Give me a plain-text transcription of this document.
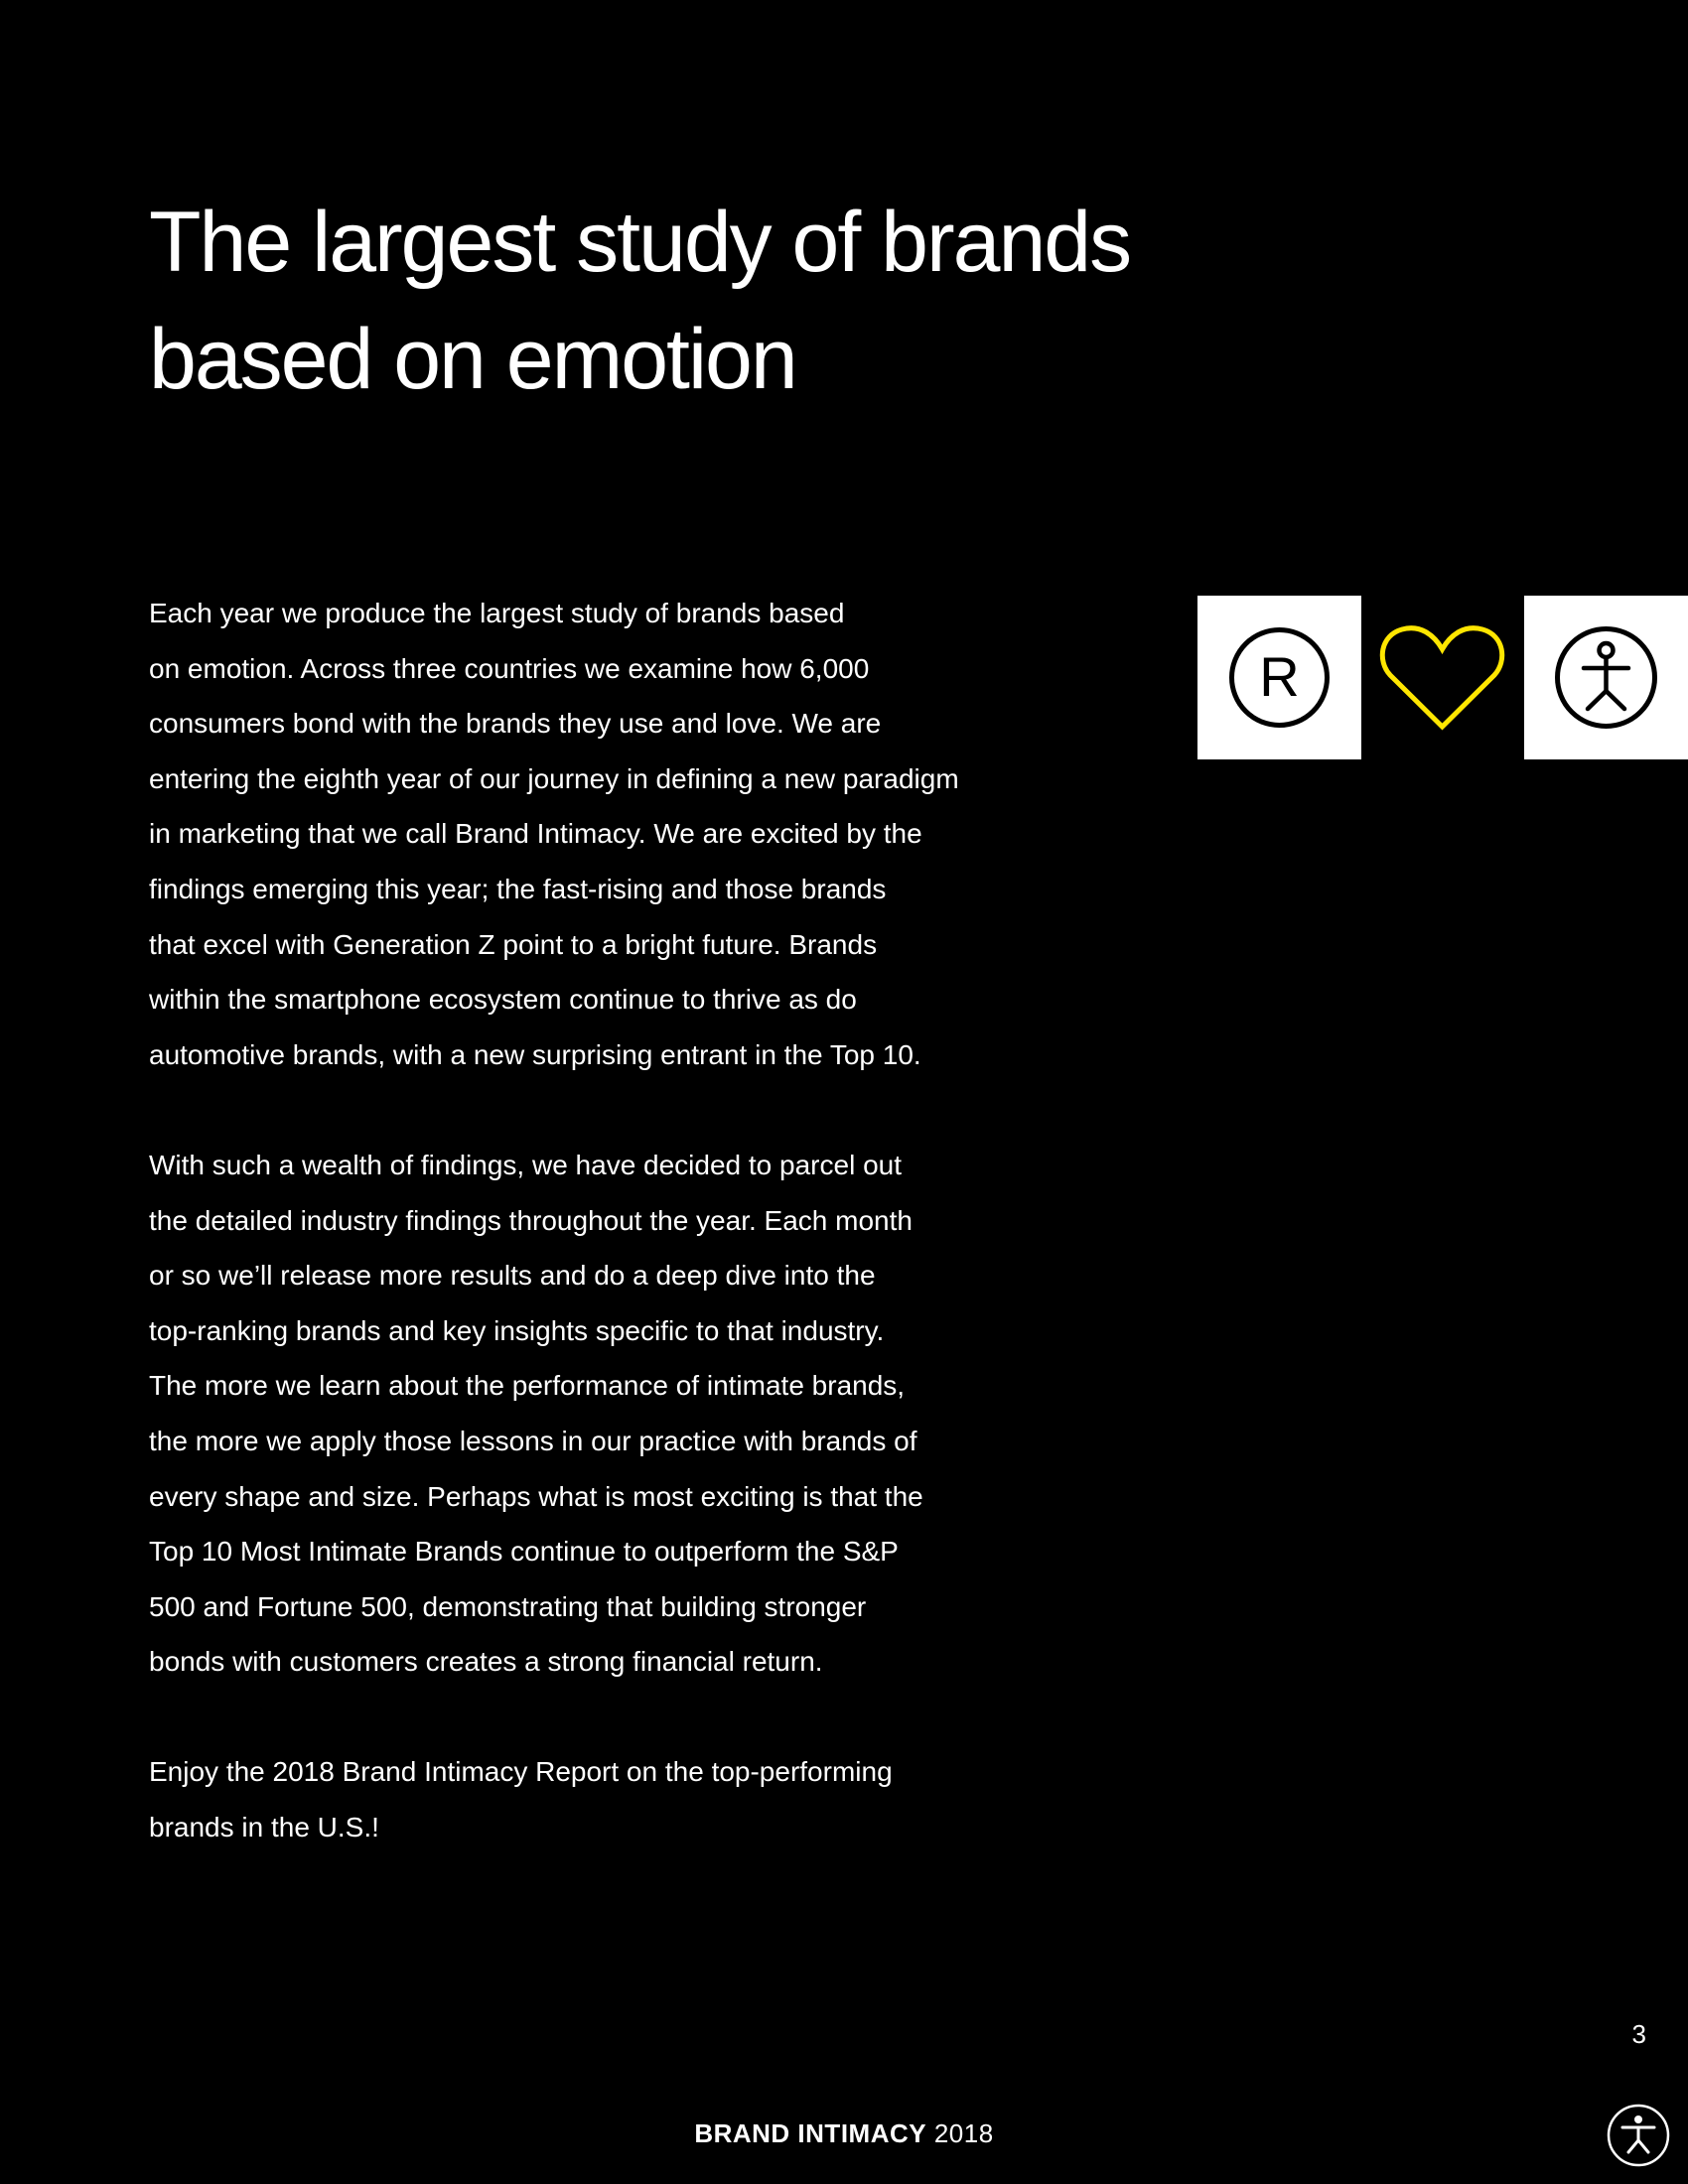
The largest study of brands
based on emotion

Each year we produce the largest study of brands based
on emotion. Across three countries we examine how 6,000
consumers bond with the brands they use and love. We are
entering the eighth year of our journey in defining a new paradigm
in marketing that we call Brand Intimacy. We are excited by the
findings emerging this year; the fast-rising and those brands
that excel with Generation Z point to a bright future. Brands
within the smartphone ecosystem continue to thrive as do
automotive brands, with a new surprising entrant in the Top 10.

With such a wealth of findings, we have decided to parcel out
the detailed industry findings throughout the year. Each month
or so we’ll release more results and do a deep dive into the
top-ranking brands and key insights specific to that industry.
The more we learn about the performance of intimate brands,
the more we apply those lessons in our practice with brands of
every shape and size. Perhaps what is most exciting is that the
Top 10 Most Intimate Brands continue to outperform the S&P
500 and Fortune 500, demonstrating that building stronger
bonds with customers creates a strong financial return.

Enjoy the 2018 Brand Intimacy Report on the top-performing
brands in the U.S.!

R
3
BRAND INTIMACY 2018
